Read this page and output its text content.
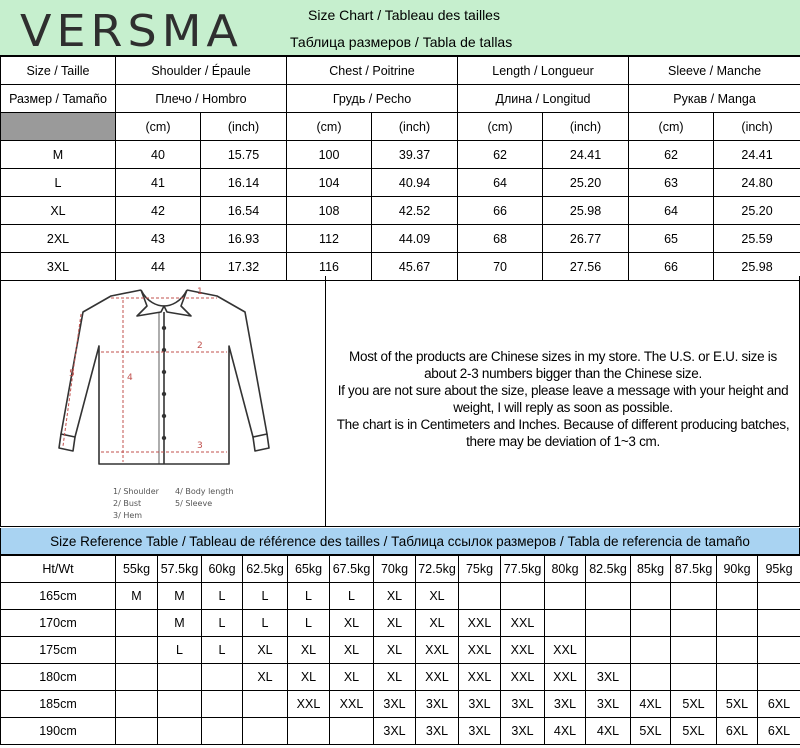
VERSMA	Size Chart / Tableau des tailles
Таблица размеров / Tabla de tallas
Size / Taille	Shoulder / Épaule		Chest / Poitrine		Length / Longueur		Sleeve / Manche	
Размер / Tamaño	Плечо / Hombro		Грудь / Pecho		Длина / Longitud		Рукав / Manga	
	(cm)	(inch)	(cm)	(inch)	(cm)	(inch)	(cm)	(inch)
M	40	15.75	100	39.37	62	24.41	62	24.41
L	41	16.14	104	40.94	64	25.20	63	24.80
XL	42	16.54	108	42.52	66	25.98	64	25.20
2XL	43	16.93	112	44.09	68	26.77	65	25.59
3XL	44	17.32	116	45.67	70	27.56	66	25.98
1
2
3
4
5
1/ Shoulder
2/ Bust
3/ Hem
4/ Body length
5/ Sleeve
Most of the products are Chinese sizes in my store. The U.S. or E.U. size is
about 2-3 numbers bigger than the Chinese size.
If you are not sure about the size, please leave a message with your height and
weight, I will reply as soon as possible.
The chart is in Centimeters and Inches. Because of different producing batches,
there may be deviation of 1~3 cm.
Size Reference Table / Tableau de référence des tailles / Таблица ссылок размеров / Tabla de referencia de tamaño
Ht/Wt	55kg	57.5kg	60kg	62.5kg	65kg	67.5kg	70kg	72.5kg	75kg	77.5kg	80kg	82.5kg	85kg	87.5kg	90kg	95kg
165cm	M	M	L	L	L	L	XL	XL								
170cm		M	L	L	L	XL	XL	XL	XXL	XXL						
175cm		L	L	XL	XL	XL	XL	XXL	XXL	XXL	XXL					
180cm				XL	XL	XL	XL	XXL	XXL	XXL	XXL	3XL				
185cm					XXL	XXL	3XL	3XL	3XL	3XL	3XL	3XL	4XL	5XL	5XL	6XL
190cm							3XL	3XL	3XL	3XL	4XL	4XL	5XL	5XL	6XL	6XL
